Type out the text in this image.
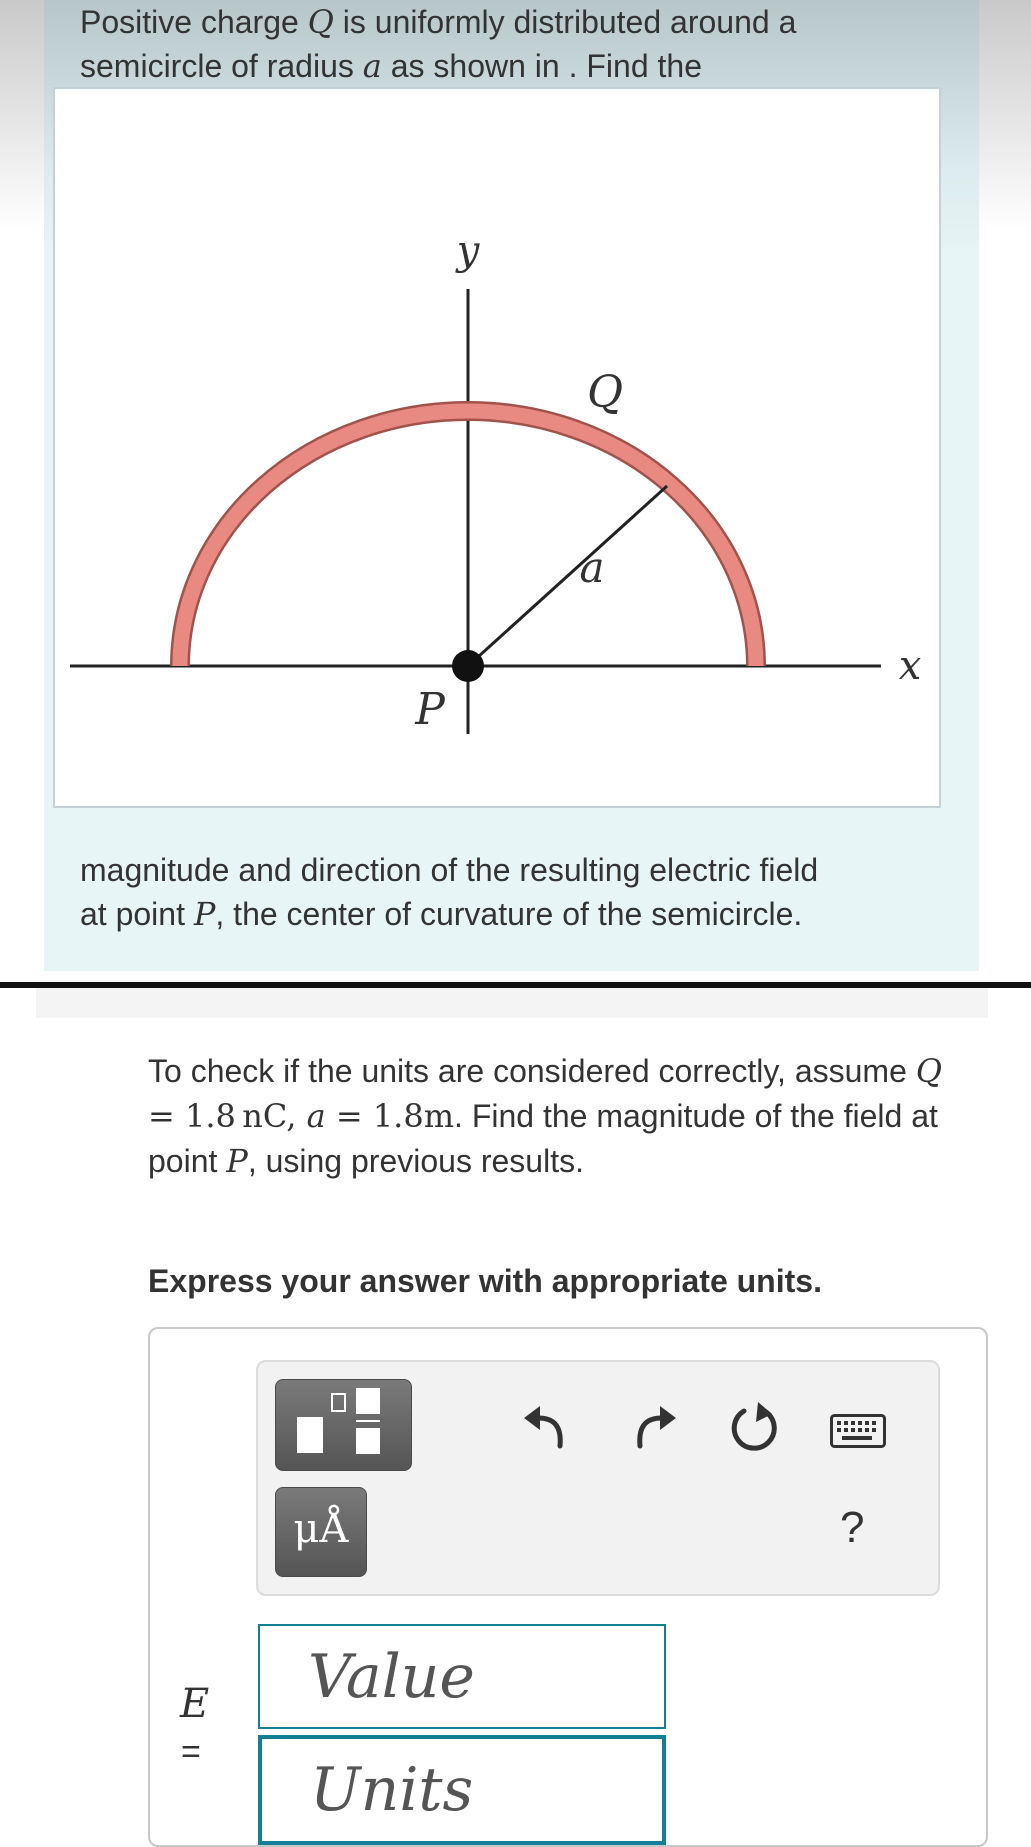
Positive charge Q is uniformly distributed around a

semicircle of radius a as shown in . Find the

y
x
Q
a
P

magnitude and direction of the resulting electric field

at point P, the center of curvature of the semicircle.

To check if the units are considered correctly, assume Q = 1.8  nC, a = 1.8m. Find the magnitude of the field at point P, using previous results.

Express your answer with appropriate units.

μÅ	?
E
=
Value
Units
